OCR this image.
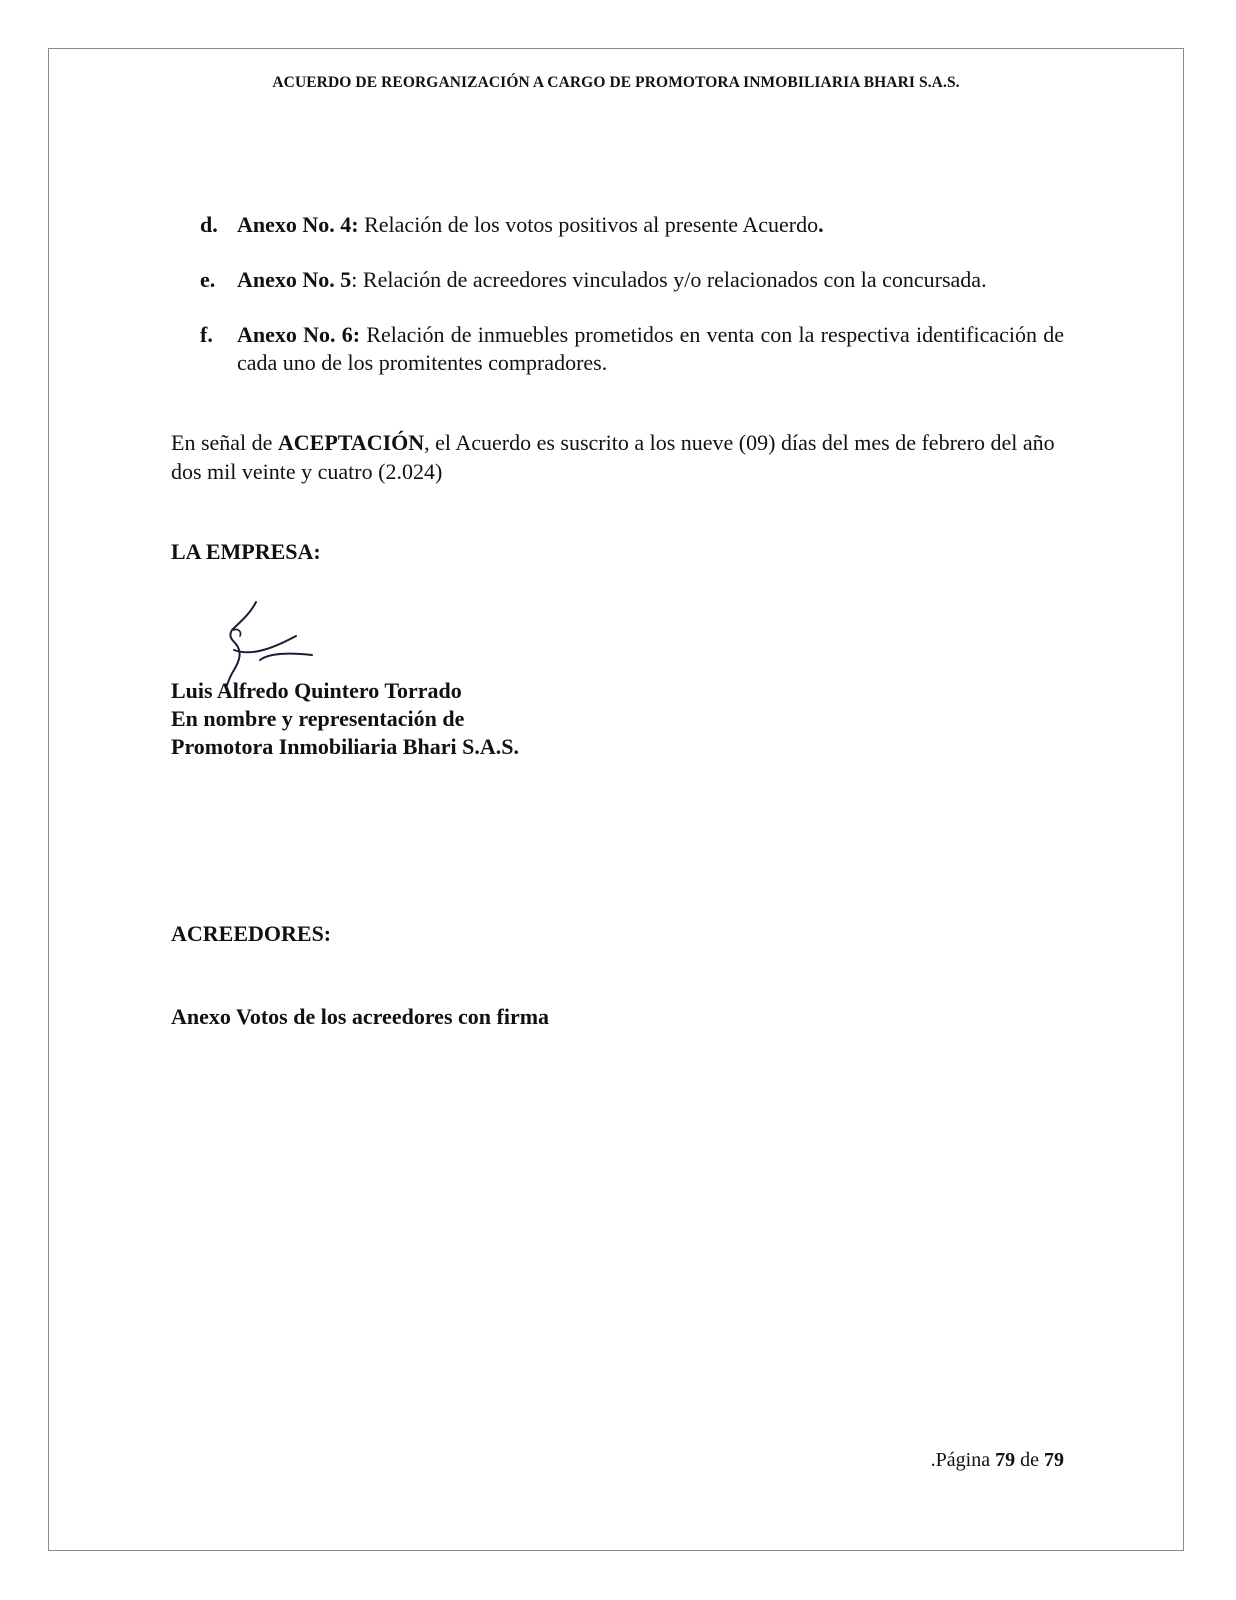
ACUERDO DE REORGANIZACIÓN A CARGO DE PROMOTORA INMOBILIARIA BHARI S.A.S.
d. Anexo No. 4: Relación de los votos positivos al presente Acuerdo.
e. Anexo No. 5: Relación de acreedores vinculados y/o relacionados con la concursada.
f.	Anexo No. 6: Relación de inmuebles prometidos en venta con la respectiva identificación de cada uno de los promitentes compradores.
En señal de ACEPTACIÓN, el Acuerdo es suscrito a los nueve (09) días del mes de febrero del año dos mil veinte y cuatro (2.024)
LA EMPRESA:
Luis Alfredo Quintero Torrado
En nombre y representación de
Promotora Inmobiliaria Bhari S.A.S.
ACREEDORES:
Anexo Votos de los acreedores con firma
.Página 79 de 79
